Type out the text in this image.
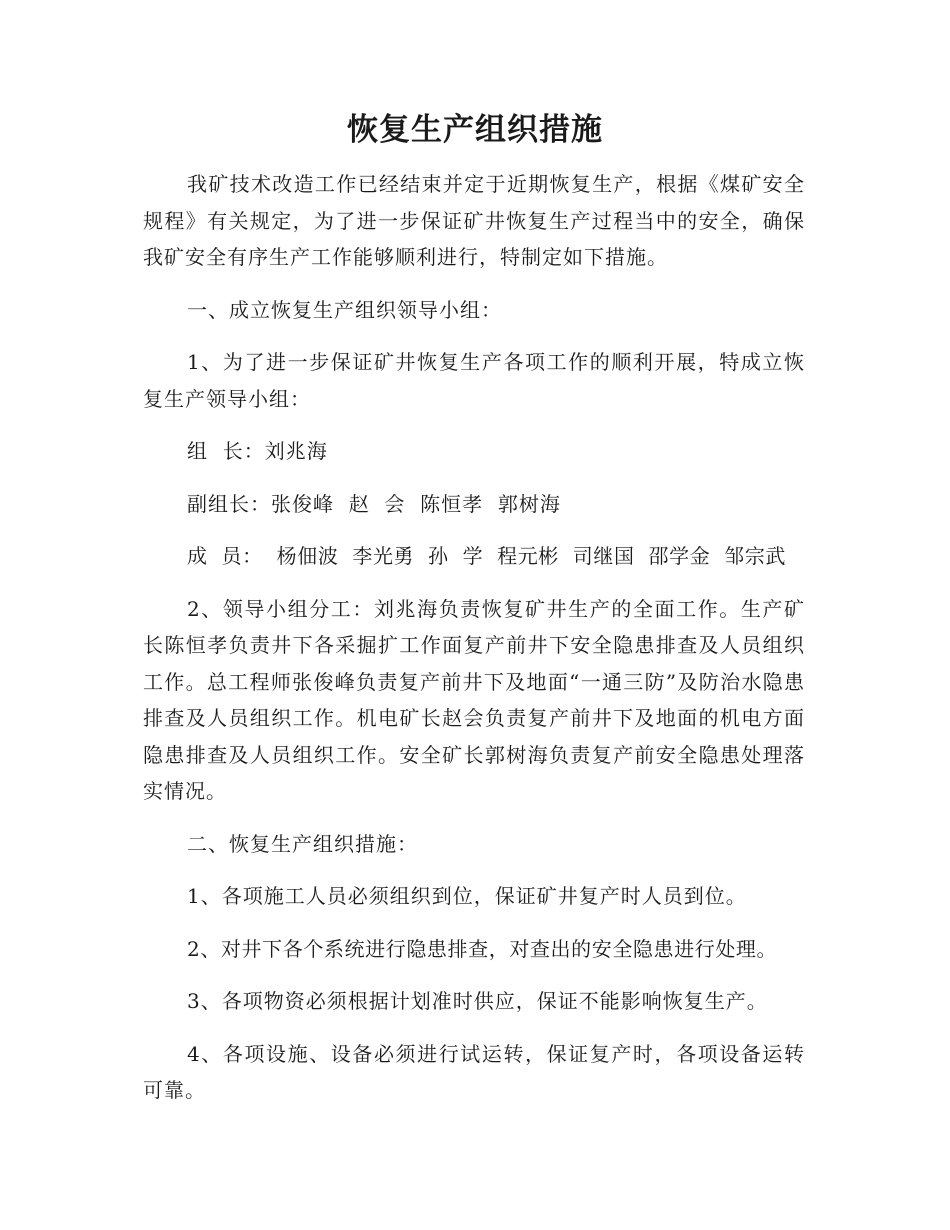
恢复生产组织措施

我矿技术改造工作已经结束并定于近期恢复生产，根据《煤矿安全规程》有关规定，为了进一步保证矿井恢复生产过程当中的安全，确保我矿安全有序生产工作能够顺利进行，特制定如下措施。

一、成立恢复生产组织领导小组：

1、为了进一步保证矿井恢复生产各项工作的顺利开展，特成立恢复生产领导小组：

组  长：刘兆海

副组长：张俊峰  赵  会  陈恒孝  郭树海

成  员：  杨佃波  李光勇  孙  学  程元彬  司继国  邵学金  邹宗武

2、领导小组分工：刘兆海负责恢复矿井生产的全面工作。生产矿长陈恒孝负责井下各采掘扩工作面复产前井下安全隐患排查及人员组织工作。总工程师张俊峰负责复产前井下及地面“一通三防”及防治水隐患排查及人员组织工作。机电矿长赵会负责复产前井下及地面的机电方面隐患排查及人员组织工作。安全矿长郭树海负责复产前安全隐患处理落实情况。

二、恢复生产组织措施：

1、各项施工人员必须组织到位，保证矿井复产时人员到位。

2、对井下各个系统进行隐患排查，对查出的安全隐患进行处理。

3、各项物资必须根据计划准时供应，保证不能影响恢复生产。

4、各项设施、设备必须进行试运转，保证复产时，各项设备运转可靠。
